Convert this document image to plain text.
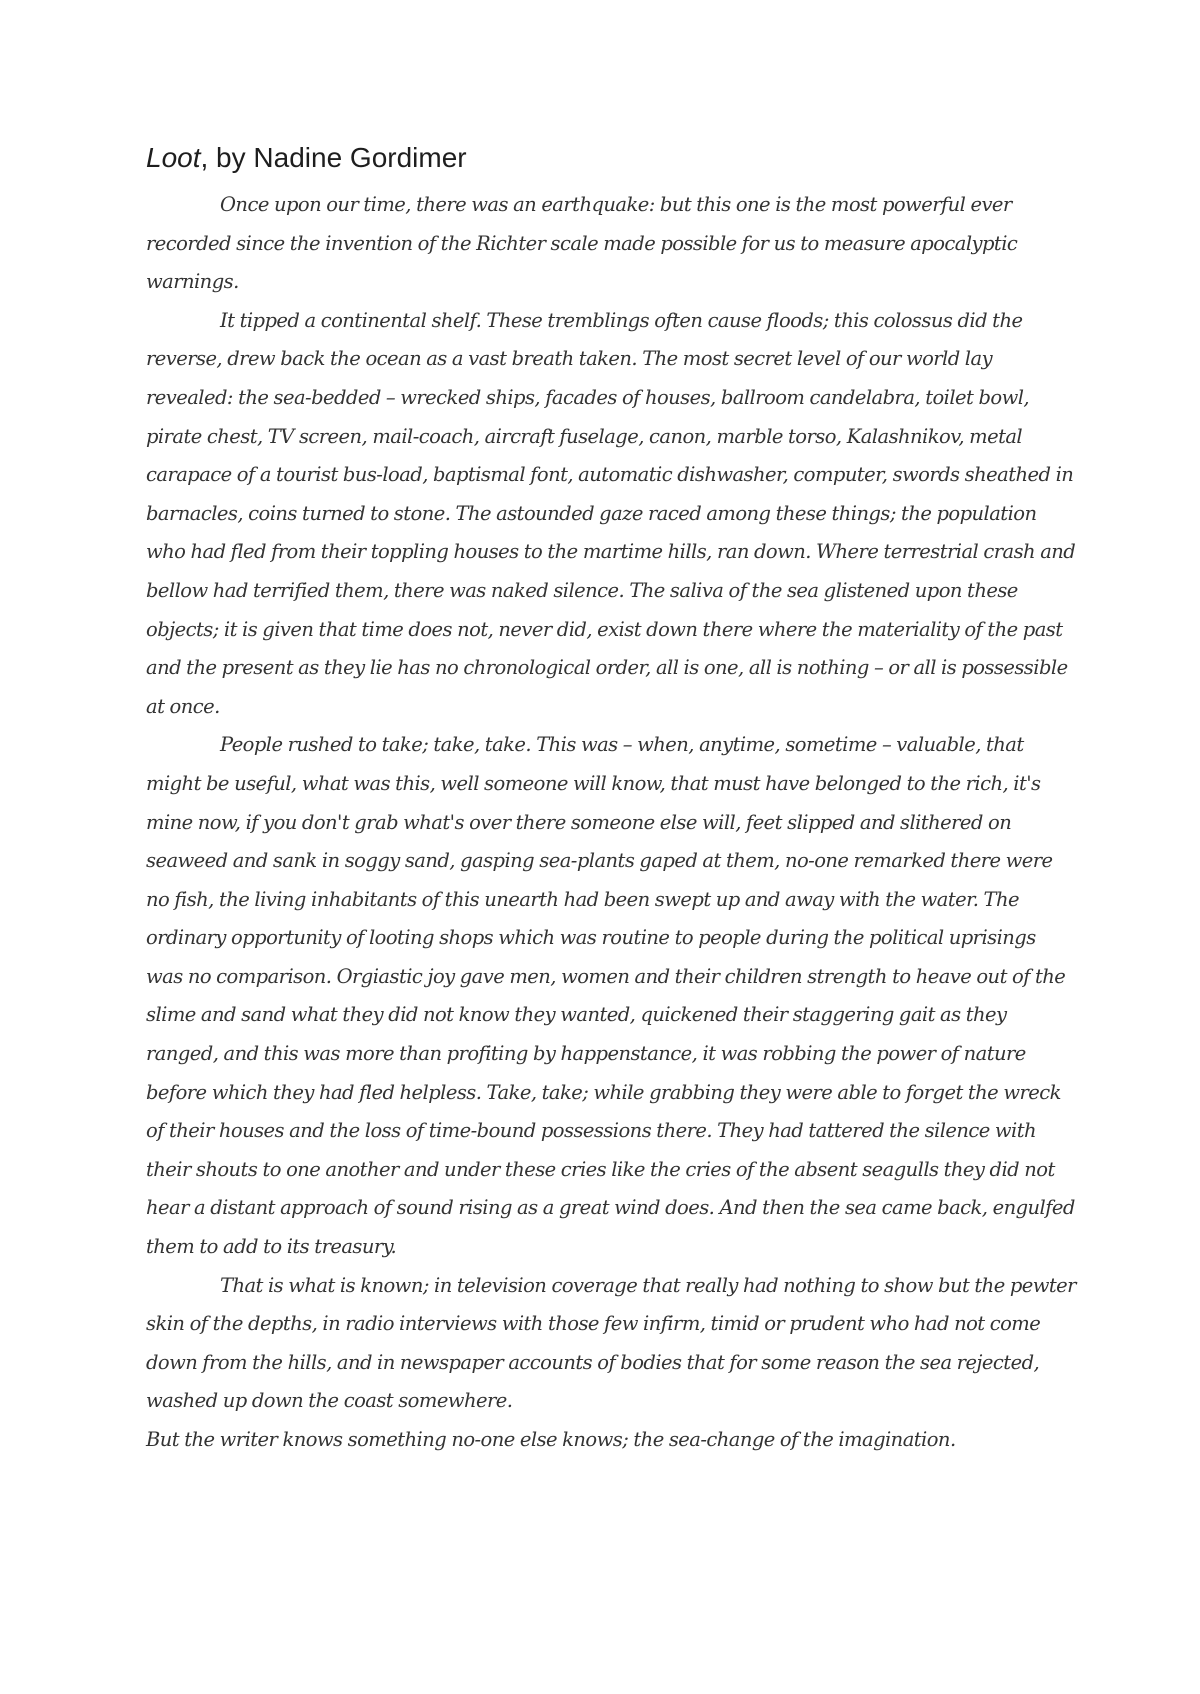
Loot, by Nadine Gordimer

Once upon our time, there was an earthquake: but this one is the most powerful ever recorded since the invention of the Richter scale made possible for us to measure apocalyptic warnings.

It tipped a continental shelf. These tremblings often cause floods; this colossus did the reverse, drew back the ocean as a vast breath taken. The most secret level of our world lay revealed: the sea-bedded – wrecked ships, facades of houses, ballroom candelabra, toilet bowl, pirate chest, TV screen, mail-coach, aircraft fuselage, canon, marble torso, Kalashnikov, metal carapace of a tourist bus-load, baptismal font, automatic dishwasher, computer, swords sheathed in barnacles, coins turned to stone. The astounded gaze raced among these things; the population who had fled from their toppling houses to the martime hills, ran down. Where terrestrial crash and bellow had terrified them, there was naked silence. The saliva of the sea glistened upon these objects; it is given that time does not, never did, exist down there where the materiality of the past and the present as they lie has no chronological order, all is one, all is nothing – or all is possessible at once.

People rushed to take; take, take. This was – when, anytime, sometime – valuable, that might be useful, what was this, well someone will know, that must have belonged to the rich, it's mine now, if you don't grab what's over there someone else will, feet slipped and slithered on seaweed and sank in soggy sand, gasping sea-plants gaped at them, no-one remarked there were no fish, the living inhabitants of this unearth had been swept up and away with the water. The ordinary opportunity of looting shops which was routine to people during the political uprisings was no comparison. Orgiastic joy gave men, women and their children strength to heave out of the slime and sand what they did not know they wanted, quickened their staggering gait as they ranged, and this was more than profiting by happenstance, it was robbing the power of nature before which they had fled helpless. Take, take; while grabbing they were able to forget the wreck of their houses and the loss of time-bound possessions there. They had tattered the silence with their shouts to one another and under these cries like the cries of the absent seagulls they did not hear a distant approach of sound rising as a great wind does. And then the sea came back, engulfed them to add to its treasury.

That is what is known; in television coverage that really had nothing to show but the pewter skin of the depths, in radio interviews with those few infirm, timid or prudent who had not come down from the hills, and in newspaper accounts of bodies that for some reason the sea rejected, washed up down the coast somewhere.

But the writer knows something no-one else knows; the sea-change of the imagination.
